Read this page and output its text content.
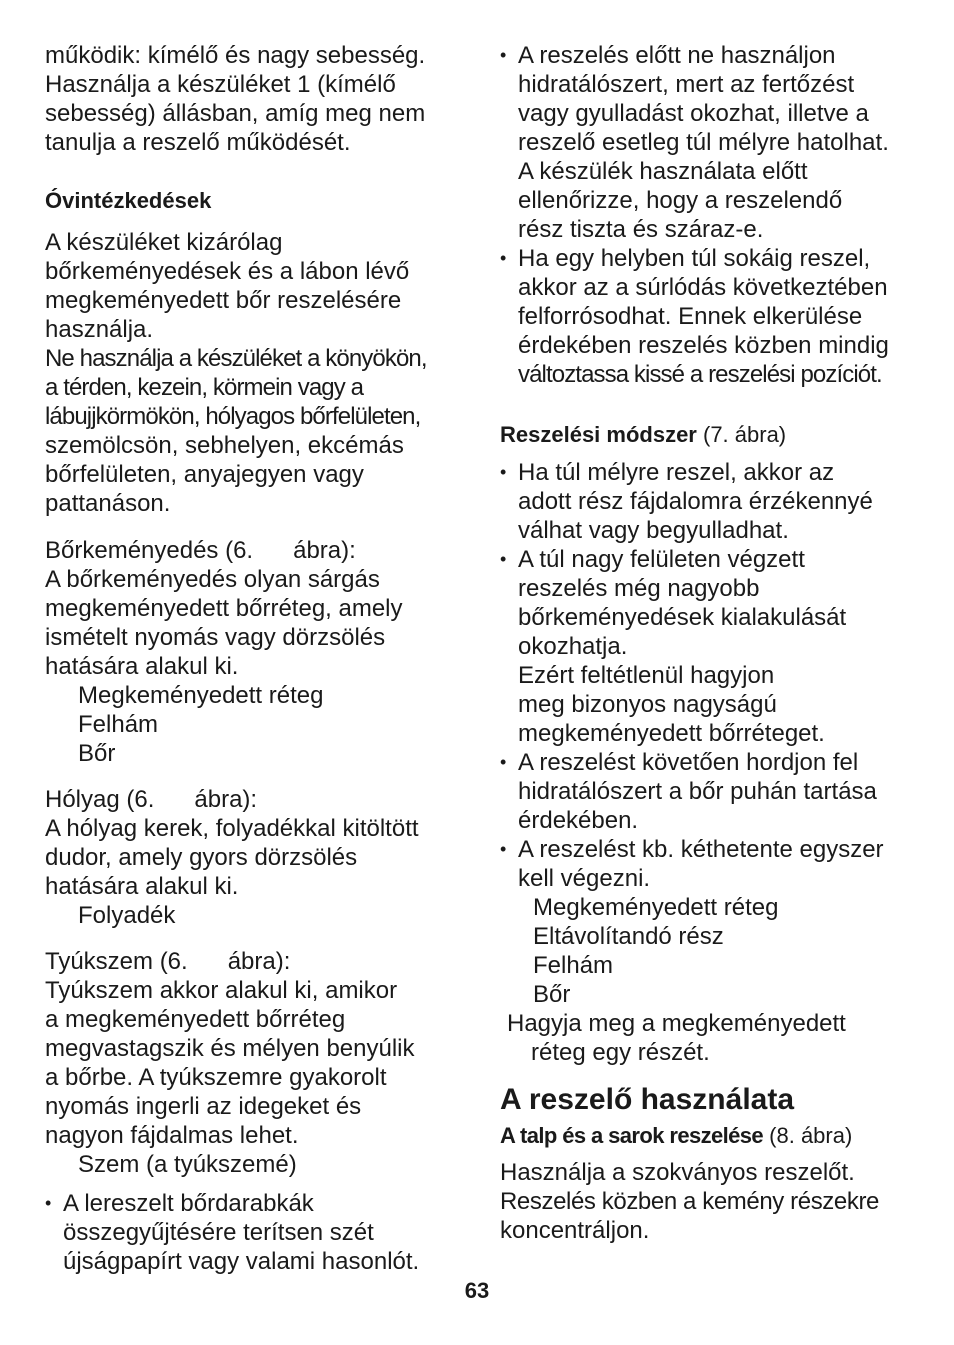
működik: kímélő és nagy sebesség.
Használja a készüléket 1 (kímélő
sebesség) állásban, amíg meg nem
tanulja a reszelő működését.
Óvintézkedések
A készüléket kizárólag
bőrkeményedések és a lábon lévő
megkeményedett bőr reszelésére
használja.
Ne használja a készüléket a könyökön,
a térden, kezein, körmein vagy a
lábujjkörmökön, hólyagos bőrfelületen,
szemölcsön, sebhelyen, ekcémás
bőrfelületen, anyajegyen vagy
pattanáson.
Bőrkeményedés (6.      ábra):
A bőrkeményedés olyan sárgás
megkeményedett bőrréteg, amely
ismételt nyomás vagy dörzsölés
hatására alakul ki.
Megkeményedett réteg
Felhám
Bőr
Hólyag (6.      ábra):
A hólyag kerek, folyadékkal kitöltött
dudor, amely gyors dörzsölés
hatására alakul ki.
Folyadék
Tyúkszem (6.      ábra):
Tyúkszem akkor alakul ki, amikor
a megkeményedett bőrréteg
megvastagszik és mélyen benyúlik
a bőrbe. A tyúkszemre gyakorolt
nyomás ingerli az idegeket és
nagyon fájdalmas lehet.
Szem (a tyúkszemé)
• A lereszelt bőrdarabkák
összegyűjtésére terítsen szét
újságpapírt vagy valami hasonlót.
• A reszelés előtt ne használjon
hidratálószert, mert az fertőzést
vagy gyulladást okozhat, illetve a
reszelő esetleg túl mélyre hatolhat.
A készülék használata előtt
ellenőrizze, hogy a reszelendő
rész tiszta és száraz-e.
• Ha egy helyben túl sokáig reszel,
akkor az a súrlódás következtében
felforrósodhat. Ennek elkerülése
érdekében reszelés közben mindig
változtassa kissé a reszelési pozíciót.
Reszelési módszer (7. ábra)
• Ha túl mélyre reszel, akkor az
adott rész fájdalomra érzékennyé
válhat vagy begyulladhat.
• A túl nagy felületen végzett
reszelés még nagyobb
bőrkeményedések kialakulását
okozhatja.
Ezért feltétlenül hagyjon
meg bizonyos nagyságú
megkeményedett bőrréteget.
• A reszelést követően hordjon fel
hidratálószert a bőr puhán tartása
érdekében.
• A reszelést kb. kéthetente egyszer
kell végezni.
Megkeményedett réteg
Eltávolítandó rész
Felhám
Bőr
Hagyja meg a megkeményedett
réteg egy részét.
A reszelő használata
A talp és a sarok reszelése (8. ábra)
Használja a szokványos reszelőt.
Reszelés közben a kemény részekre
koncentráljon.
63
